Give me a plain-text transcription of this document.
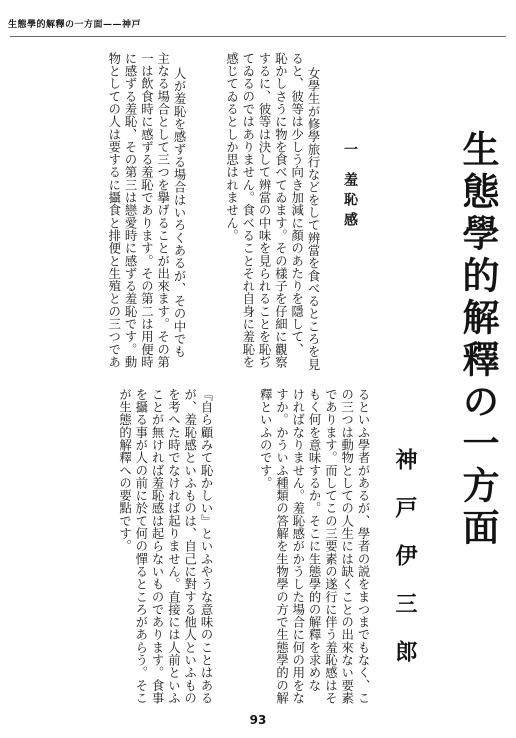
生態學的解釋の一方面——神戸
生態學的解釋の一方面
神戸伊三郎
るといふ學者があるが、學者の説をまつまでもなく、こ
の三つは動物としての人生には缺くことの出來ない要素
であります。而してこの三要素の遂行に伴う羞恥感はそ
もく何を意味するか。そこに生態學的の解釋を求めな
ければなりません。羞恥感がかうした場合に何の用をな
すか。かういふ種類の答解を生物學の方で生態學的の解
釋といふのです。
『自ら顧みて恥かしい』といふやうな意味のことはある
が、羞恥感といふものは、自己に對する他人といふもの
を考へた時でなければ起りません。直接には人前といふ
ことが無ければ羞恥感は起らないものであります。食事
を攝る事が人の前に於て何の憚るところがあらう。そこ
が生態的解釋への要點です。
一羞恥感
女學生が修學旅行などをして辨當を食べるところを見
ると、彼等は少しう向き加減に顏のあたりを隱して、
恥かしさうに物を食べてゐます。その樣子を仔細に觀察
するに、彼等は決して辨當の中味を見られることを恥ぢ
てゐるのではありません。食べることそれ自身に羞恥を
感じてゐるとしか思はれません。
人が羞恥を感ずる場合はいろくあるが、その中でも
主なる場合として三つを擧げることが出來ます。その第
一は飲食時に感ずる羞恥であります。その第二は用便時
に感ずる羞恥、その第三は戀愛時に感ずる羞恥です。動
物としての人は要するに攝食と排便と生殖との三つであ
93
